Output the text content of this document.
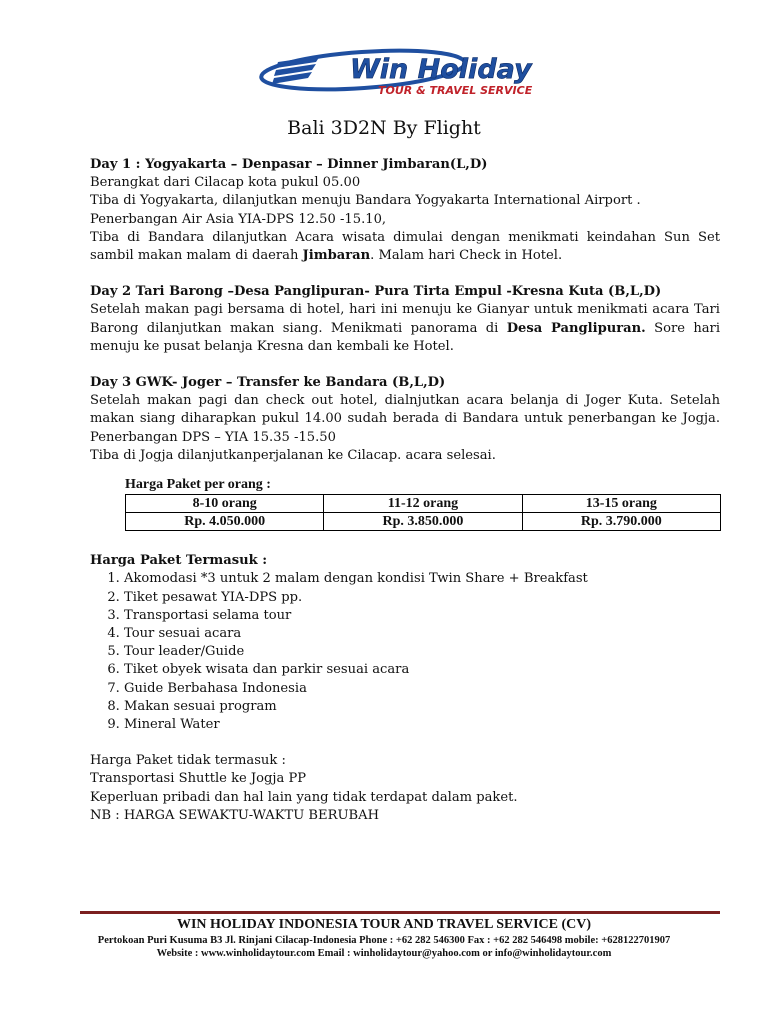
Win Holiday
TOUR & TRAVEL SERVICE
Bali 3D2N By Flight

Day 1 : Yogyakarta – Denpasar – Dinner Jimbaran(L,D)

Berangkat dari Cilacap kota pukul 05.00

Tiba di Yogyakarta, dilanjutkan menuju Bandara Yogyakarta International Airport .

Penerbangan Air Asia YIA-DPS 12.50 -15.10,

Tiba di Bandara dilanjutkan Acara wisata dimulai dengan menikmati keindahan Sun Set sambil makan malam di daerah Jimbaran. Malam hari Check in Hotel.

Day 2 Tari Barong –Desa Panglipuran- Pura Tirta Empul -Kresna Kuta (B,L,D)

Setelah makan pagi bersama di hotel, hari ini menuju ke Gianyar untuk menikmati acara Tari Barong dilanjutkan makan siang. Menikmati panorama di Desa Panglipuran. Sore hari menuju ke pusat belanja Kresna dan kembali ke Hotel.

Day 3 GWK- Joger – Transfer ke Bandara (B,L,D)

Setelah makan pagi dan check out hotel, dialnjutkan acara belanja di Joger Kuta. Setelah makan siang diharapkan pukul 14.00 sudah berada di Bandara untuk penerbangan ke Jogja. Penerbangan DPS – YIA 15.35 -15.50

Tiba di Jogja dilanjutkanperjalanan ke Cilacap. acara selesai.

Harga Paket per orang :

8-10 orang	11-12 orang	13-15 orang
Rp. 4.050.000	Rp. 3.850.000	Rp. 3.790.000

Harga Paket Termasuk :

1. Akomodasi *3 untuk 2 malam dengan kondisi Twin Share + Breakfast
2. Tiket pesawat YIA-DPS pp.
3. Transportasi selama tour
4. Tour sesuai acara
5. Tour leader/Guide
6. Tiket obyek wisata dan parkir sesuai acara
7. Guide Berbahasa Indonesia
8. Makan sesuai program
9. Mineral Water

Harga Paket tidak termasuk :

Transportasi Shuttle ke Jogja PP

Keperluan pribadi dan hal lain yang tidak terdapat dalam paket.

NB : HARGA SEWAKTU-WAKTU BERUBAH

WIN HOLIDAY INDONESIA TOUR AND TRAVEL SERVICE (CV)
Pertokoan Puri Kusuma B3 Jl. Rinjani Cilacap-Indonesia Phone : +62 282 546300 Fax : +62 282 546498 mobile: +628122701907
Website : www.winholidaytour.com Email : winholidaytour@yahoo.com or info@winholidaytour.com
